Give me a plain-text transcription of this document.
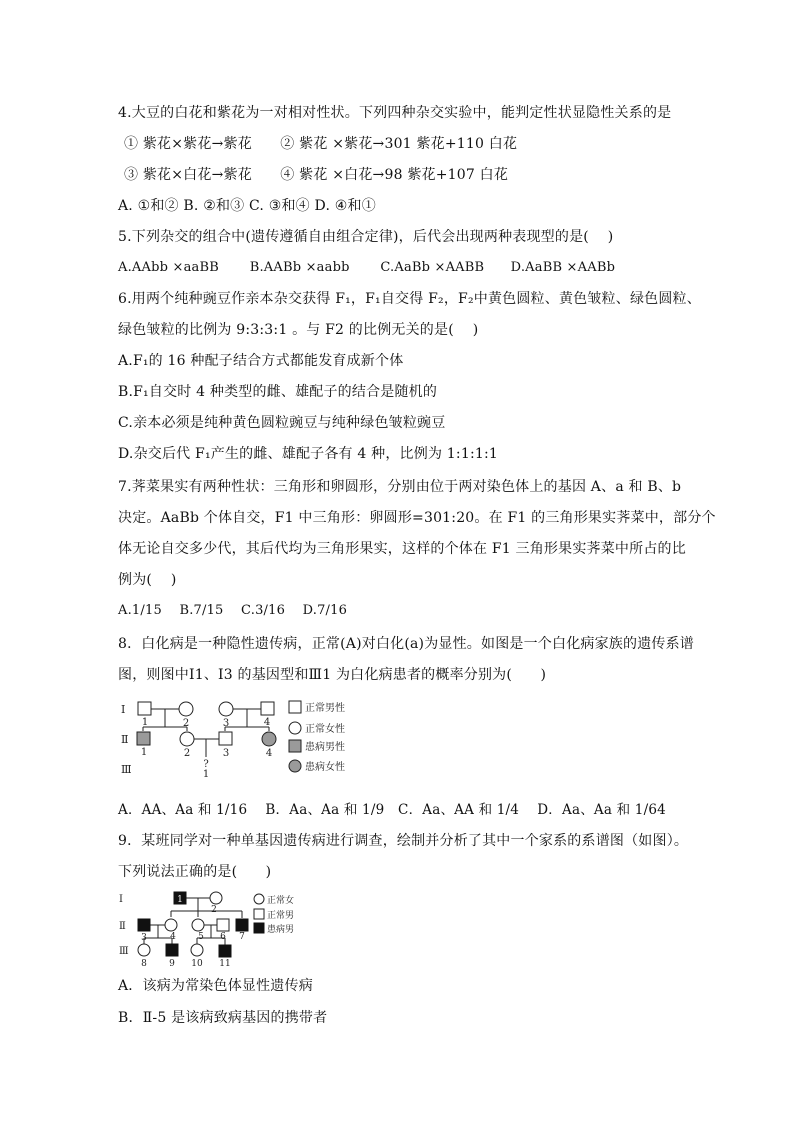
4.大豆的白花和紫花为一对相对性状。下列四种杂交实验中，能判定性状显隐性关系的是
① 紫花×紫花→紫花　　② 紫花 ×紫花→301 紫花+110 白花
③ 紫花×白花→紫花　　④ 紫花 ×白花→98 紫花+107 白花
A. ①和② B. ②和③ C. ③和④ D. ④和①
5.下列杂交的组合中(遗传遵循自由组合定律)，后代会出现两种表现型的是(　 )
A.AAbb ×aaBB　　 B.AABb ×aabb　　 C.AaBb ×AABB　　D.AaBB ×AABb
6.用两个纯种豌豆作亲本杂交获得 F₁，F₁自交得 F₂，F₂中黄色圆粒、黄色皱粒、绿色圆粒、
绿色皱粒的比例为 9:3:3:1 。与 F2 的比例无关的是(　 )
A.F₁的 16 种配子结合方式都能发育成新个体
B.F₁自交时 4 种类型的雌、雄配子的结合是随机的
C.亲本必须是纯种黄色圆粒豌豆与纯种绿色皱粒豌豆
D.杂交后代 F₁产生的雌、雄配子各有 4 种，比例为 1:1:1:1
7.荠菜果实有两种性状：三角形和卵圆形，分别由位于两对染色体上的基因 A、a 和 B、b
决定。AaBb 个体自交，F1 中三角形：卵圆形=301:20。在 F1 的三角形果实荠菜中，部分个
体无论自交多少代，其后代均为三角形果实，这样的个体在 F1 三角形果实荠菜中所占的比
例为(　 )
A.1/15　 B.7/15　 C.3/16　 D.7/16
8．白化病是一种隐性遗传病，正常(A)对白化(a)为显性。如图是一个白化病家族的遗传系谱
图，则图中Ⅰ1、Ⅰ3 的基因型和Ⅲ1 为白化病患者的概率分别为(　　)
Ⅰ
Ⅱ
Ⅲ
1	2	3	4
1	2	3	4
?
1
正常男性
正常女性
患病男性
患病女性
A．AA、Aa 和 1/16　 B．Aa、Aa 和 1/9　C．Aa、AA 和 1/4　 D．Aa、Aa 和 1/64
9．某班同学对一种单基因遗传病进行调查，绘制并分析了其中一个家系的系谱图（如图）。
下列说法正确的是(　　)
Ⅰ
Ⅱ
Ⅲ
1
2
3	4 5 6 7
8 9 10 11
正常女
正常男
患病男
A．该病为常染色体显性遗传病
B．Ⅱ-5 是该病致病基因的携带者
